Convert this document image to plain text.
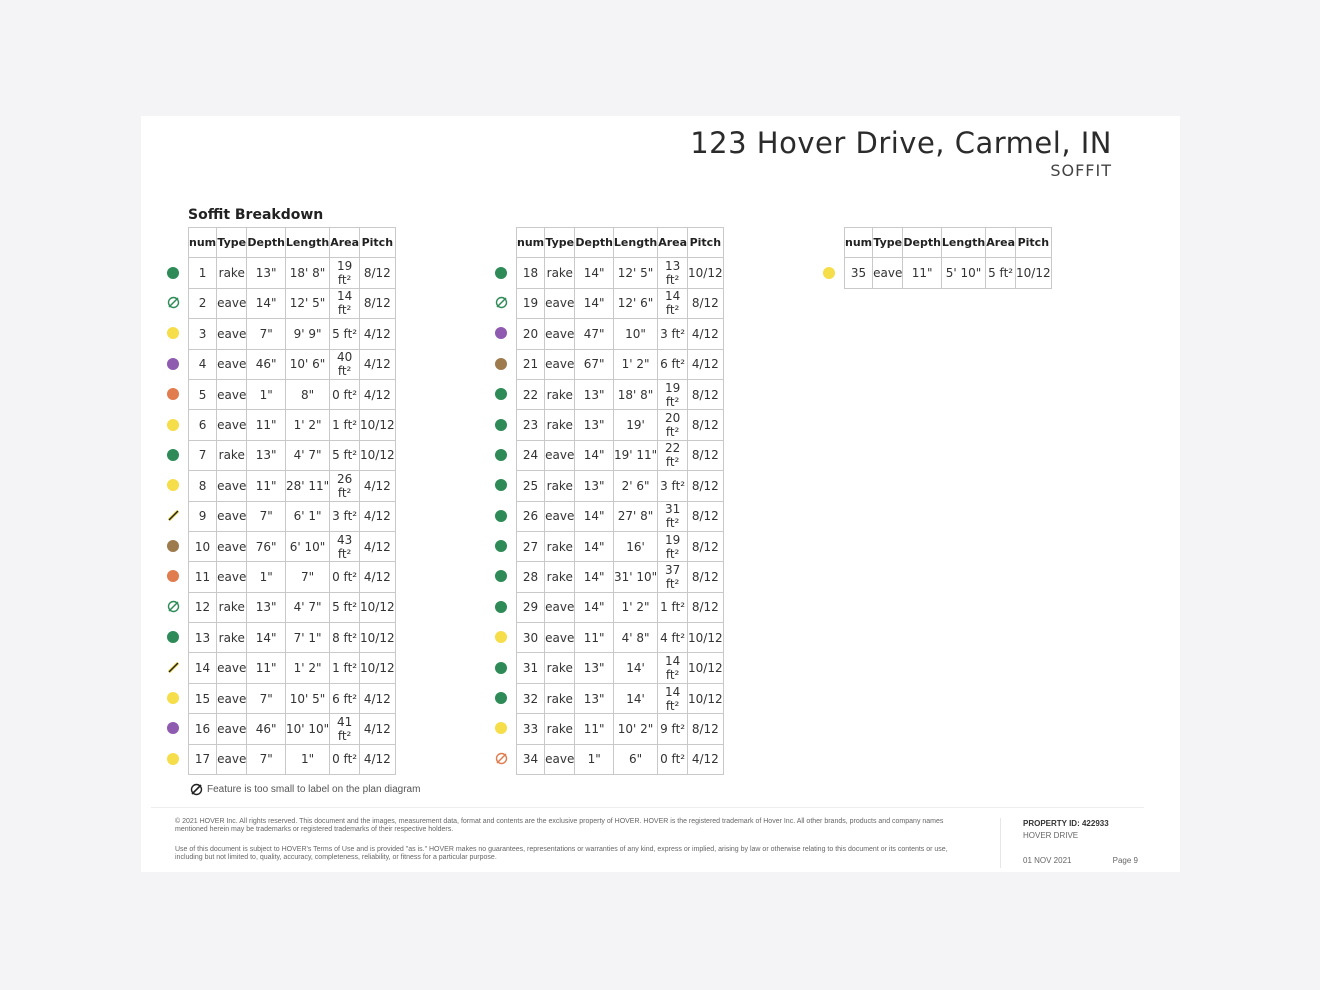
123 Hover Drive, Carmel, IN
SOFFIT
Soffit Breakdown
num	Type	Depth	Length	Area	Pitch
1	rake	13"	18' 8"	19 ft²	8/12
2	eave	14"	12' 5"	14 ft²	8/12
3	eave	7"	9' 9"	5 ft²	4/12
4	eave	46"	10' 6"	40 ft²	4/12
5	eave	1"	8"	0 ft²	4/12
6	eave	11"	1' 2"	1 ft²	10/12
7	rake	13"	4' 7"	5 ft²	10/12
8	eave	11"	28' 11"	26 ft²	4/12
9	eave	7"	6' 1"	3 ft²	4/12
10	eave	76"	6' 10"	43 ft²	4/12
11	eave	1"	7"	0 ft²	4/12
12	rake	13"	4' 7"	5 ft²	10/12
13	rake	14"	7' 1"	8 ft²	10/12
14	eave	11"	1' 2"	1 ft²	10/12
15	eave	7"	10' 5"	6 ft²	4/12
16	eave	46"	10' 10"	41 ft²	4/12
17	eave	7"	1"	0 ft²	4/12
num	Type	Depth	Length	Area	Pitch
18	rake	14"	12' 5"	13 ft²	10/12
19	eave	14"	12' 6"	14 ft²	8/12
20	eave	47"	10"	3 ft²	4/12
21	eave	67"	1' 2"	6 ft²	4/12
22	rake	13"	18' 8"	19 ft²	8/12
23	rake	13"	19'	20 ft²	8/12
24	eave	14"	19' 11"	22 ft²	8/12
25	rake	13"	2' 6"	3 ft²	8/12
26	eave	14"	27' 8"	31 ft²	8/12
27	rake	14"	16'	19 ft²	8/12
28	rake	14"	31' 10"	37 ft²	8/12
29	eave	14"	1' 2"	1 ft²	8/12
30	eave	11"	4' 8"	4 ft²	10/12
31	rake	13"	14'	14 ft²	10/12
32	rake	13"	14'	14 ft²	10/12
33	rake	11"	10' 2"	9 ft²	8/12
34	eave	1"	6"	0 ft²	4/12
num	Type	Depth	Length	Area	Pitch
35	eave	11"	5' 10"	5 ft²	10/12
Feature is too small to label on the plan diagram

© 2021 HOVER Inc. All rights reserved. This document and the images, measurement data, format and contents are the exclusive property of HOVER. HOVER is the registered trademark of Hover Inc. All other brands, products and company names mentioned herein may be trademarks or registered trademarks of their respective holders.

Use of this document is subject to HOVER's Terms of Use and is provided "as is." HOVER makes no guarantees, representations or warranties of any kind, express or implied, arising by law or otherwise relating to this document or its contents or use, including but not limited to, quality, accuracy, completeness, reliability, or fitness for a particular purpose.

PROPERTY ID: 422933
HOVER DRIVE
01 NOV 2021	Page 9
